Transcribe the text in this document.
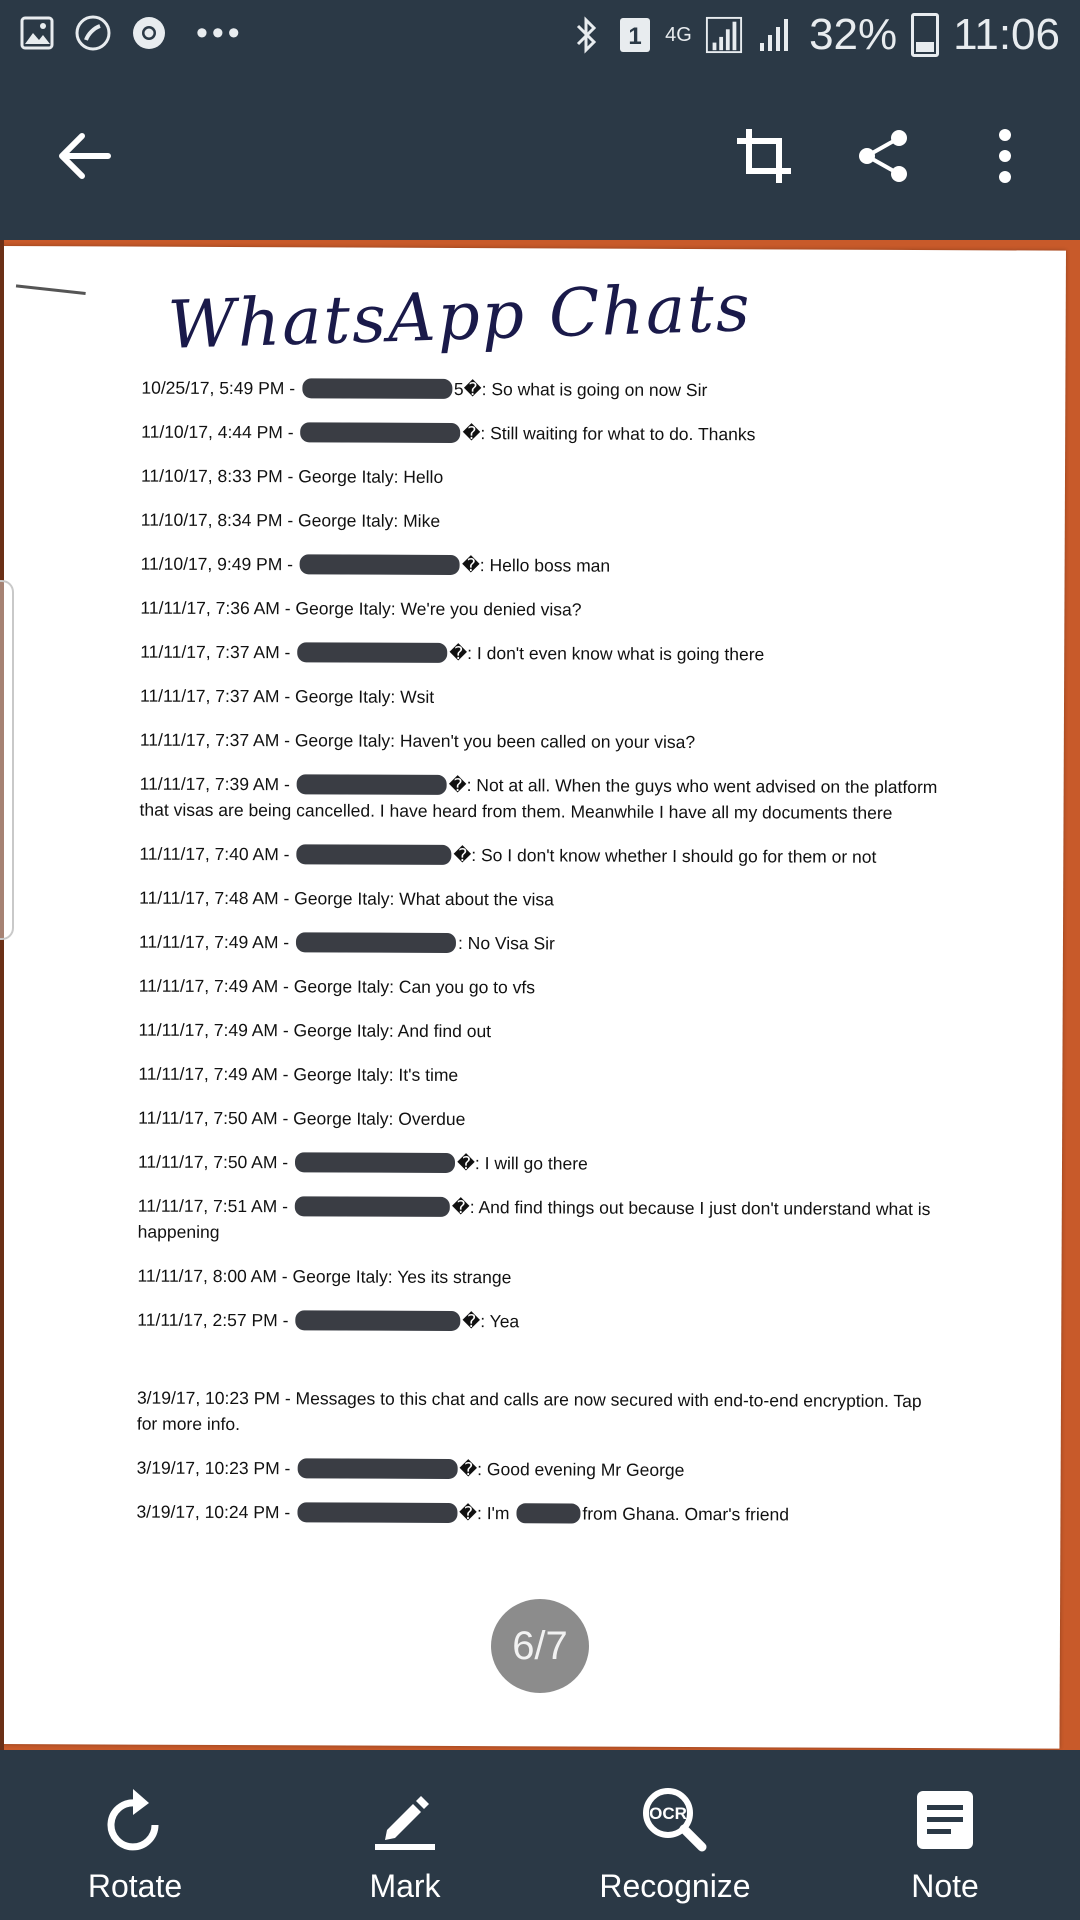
•••	1 4G	32% 11:06
WhatsApp Chats
10/25/17, 5:49 PM -	5�: So what is going on now Sir
11/10/17, 4:44 PM -	�: Still waiting for what to do. Thanks
11/10/17, 8:33 PM - George Italy: Hello
11/10/17, 8:34 PM - George Italy: Mike
11/10/17, 9:49 PM -	�: Hello boss man
11/11/17, 7:36 AM - George Italy: We're you denied visa?
11/11/17, 7:37 AM -	�: I don't even know what is going there
11/11/17, 7:37 AM - George Italy: Wsit
11/11/17, 7:37 AM - George Italy: Haven't you been called on your visa?
11/11/17, 7:39 AM -	�: Not at all. When the guys who went advised on the platform that visas are being cancelled. I have heard from them. Meanwhile I have all my documents there
11/11/17, 7:40 AM -	�: So I don't know whether I should go for them or not
11/11/17, 7:48 AM - George Italy: What about the visa
11/11/17, 7:49 AM -	: No Visa Sir
11/11/17, 7:49 AM - George Italy: Can you go to vfs
11/11/17, 7:49 AM - George Italy: And find out
11/11/17, 7:49 AM - George Italy: It's time
11/11/17, 7:50 AM - George Italy: Overdue
11/11/17, 7:50 AM -	�: I will go there
11/11/17, 7:51 AM -	�: And find things out because I just don't understand what is happening
11/11/17, 8:00 AM - George Italy: Yes its strange
11/11/17, 2:57 PM -	�: Yea
3/19/17, 10:23 PM - Messages to this chat and calls are now secured with end-to-end encryption. Tap for more info.
3/19/17, 10:23 PM -	�: Good evening Mr George
3/19/17, 10:24 PM -	�: I'm	from Ghana. Omar's friend
6/7
Rotate	Mark
OCR
Recognize	Note
